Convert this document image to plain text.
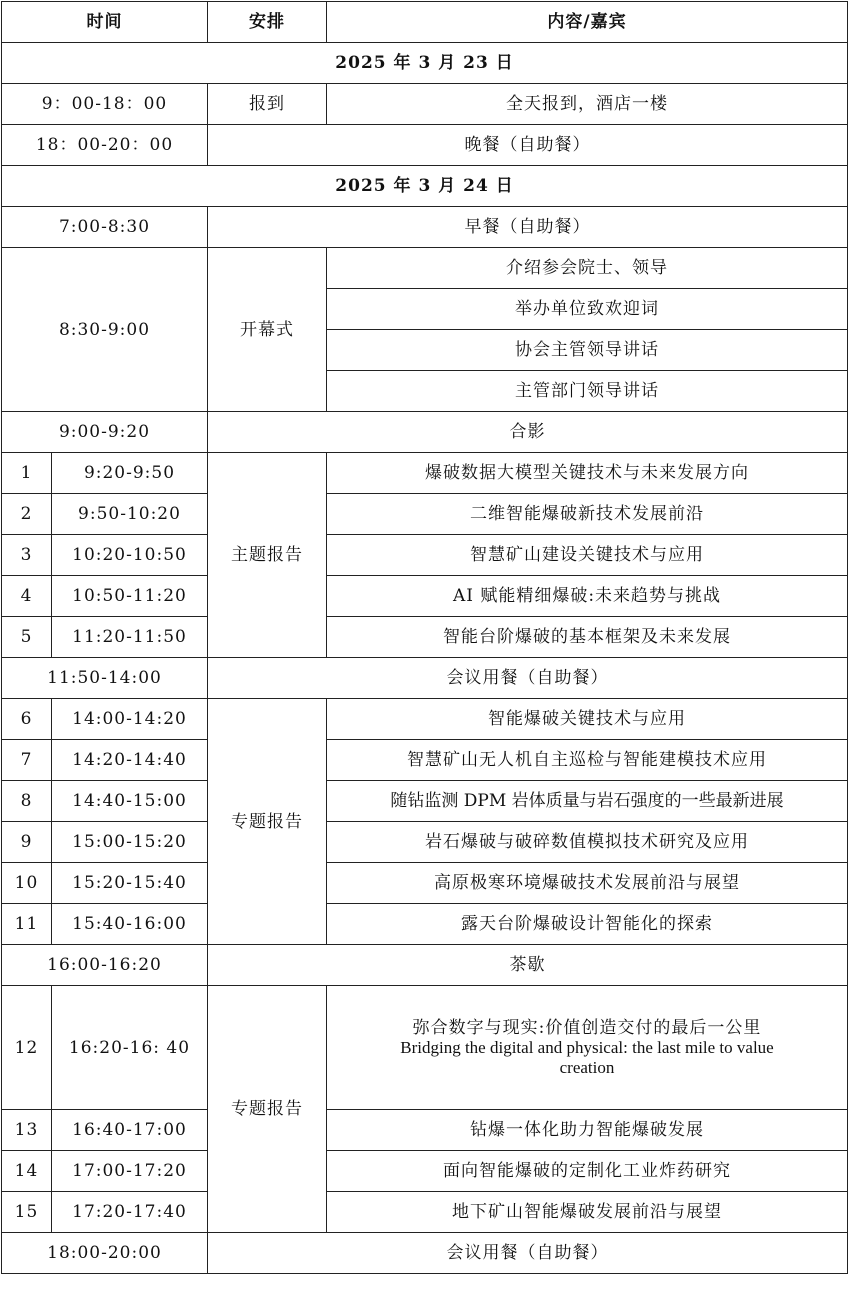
时间		安排	内容/嘉宾
2025 年 3 月 23 日			
9：00-18：00		报到	全天报到，酒店一楼
18：00-20：00		晚餐（自助餐）	
2025 年 3 月 24 日			
7:00-8:30		早餐（自助餐）	
8:30-9:00		开幕式	介绍参会院士、领导
			举办单位致欢迎词
			协会主管领导讲话
			主管部门领导讲话
9:00-9:20		合影	
1	9:20-9:50	主题报告	爆破数据大模型关键技术与未来发展方向
2	9:50-10:20		二维智能爆破新技术发展前沿
3	10:20-10:50		智慧矿山建设关键技术与应用
4	10:50-11:20		AI 赋能精细爆破:未来趋势与挑战
5	11:20-11:50		智能台阶爆破的基本框架及未来发展
11:50-14:00		会议用餐（自助餐）	
6	14:00-14:20	专题报告	智能爆破关键技术与应用
7	14:20-14:40		智慧矿山无人机自主巡检与智能建模技术应用
8	14:40-15:00		随钻监测 DPM 岩体质量与岩石强度的一些最新进展
9	15:00-15:20		岩石爆破与破碎数值模拟技术研究及应用
10	15:20-15:40		高原极寒环境爆破技术发展前沿与展望
11	15:40-16:00		露天台阶爆破设计智能化的探索
16:00-16:20		茶歇	
12	16:20-16: 40	专题报告	弥合数字与现实:价值创造交付的最后一公里
Bridging the digital and physical: the last mile to value
creation

13	16:40-17:00		钻爆一体化助力智能爆破发展
14	17:00-17:20		面向智能爆破的定制化工业炸药研究
15	17:20-17:40		地下矿山智能爆破发展前沿与展望
18:00-20:00		会议用餐（自助餐）	
